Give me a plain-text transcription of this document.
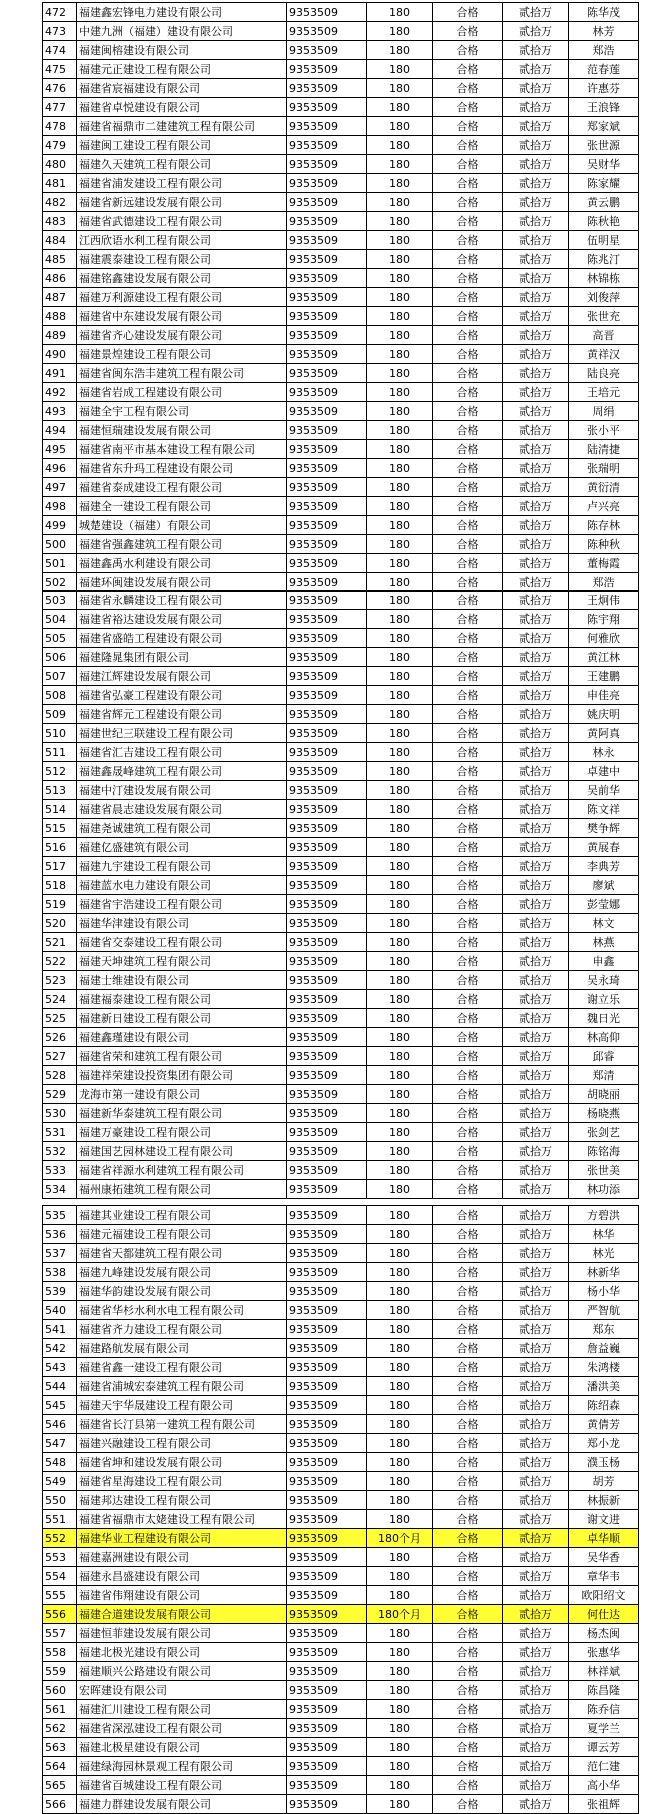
472	福建鑫宏锋电力建设有限公司	9353509	180	合格	贰拾万	陈华茂
473	中建九洲（福建）建设有限公司	9353509	180	合格	贰拾万	林芳
474	福建闽榕建设有限公司	9353509	180	合格	贰拾万	郑浩
475	福建元正建设工程有限公司	9353509	180	合格	贰拾万	范春莲
476	福建省宸福建设有限公司	9353509	180	合格	贰拾万	许惠芬
477	福建省卓悦建设有限公司	9353509	180	合格	贰拾万	王浪锋
478	福建省福鼎市二建建筑工程有限公司	9353509	180	合格	贰拾万	郑家斌
479	福建闽工建设工程有限公司	9353509	180	合格	贰拾万	张世源
480	福建久天建筑工程有限公司	9353509	180	合格	贰拾万	吴财华
481	福建省浦发建设工程有限公司	9353509	180	合格	贰拾万	陈家耀
482	福建省新远建设发展有限公司	9353509	180	合格	贰拾万	黄云鹏
483	福建省武德建设工程有限公司	9353509	180	合格	贰拾万	陈秋艳
484	江西欣语水利工程有限公司	9353509	180	合格	贰拾万	伍明星
485	福建震泰建设工程有限公司	9353509	180	合格	贰拾万	陈兆汀
486	福建铭鑫建设发展有限公司	9353509	180	合格	贰拾万	林锦栋
487	福建万利源建设工程有限公司	9353509	180	合格	贰拾万	刘俊萍
488	福建省中东建设发展有限公司	9353509	180	合格	贰拾万	张世充
489	福建省齐心建设发展有限公司	9353509	180	合格	贰拾万	高晋
490	福建景煌建设工程有限公司	9353509	180	合格	贰拾万	黄祥汉
491	福建省闽东浩丰建筑工程有限公司	9353509	180	合格	贰拾万	陆良亮
492	福建省岩成工程建设有限公司	9353509	180	合格	贰拾万	王培元
493	福建全宇工程有限公司	9353509	180	合格	贰拾万	周绢
494	福建恒瑞建设发展有限公司	9353509	180	合格	贰拾万	张小平
495	福建省南平市基本建设工程有限公司	9353509	180	合格	贰拾万	陆清捷
496	福建省东升玛工程建设有限公司	9353509	180	合格	贰拾万	张瑞明
497	福建省泰成建设工程有限公司	9353509	180	合格	贰拾万	黄衍清
498	福建全一建设工程有限公司	9353509	180	合格	贰拾万	卢兴亮
499	城楚建设（福建）有限公司	9353509	180	合格	贰拾万	陈存林
500	福建省强鑫建筑工程有限公司	9353509	180	合格	贰拾万	陈种秋
501	福建鑫禹水利建设有限公司	9353509	180	合格	贰拾万	董梅霞
502	福建环闽建设发展有限公司	9353509	180	合格	贰拾万	郑浩
503	福建省永麟建设工程有限公司	9353509	180	合格	贰拾万	王炯伟
504	福建省裕达建设发展有限公司	9353509	180	合格	贰拾万	陈宇翔
505	福建省盛皓工程建设有限公司	9353509	180	合格	贰拾万	何雅欣
506	福建隆晁集团有限公司	9353509	180	合格	贰拾万	黄江林
507	福建江辉建设发展有限公司	9353509	180	合格	贰拾万	王建鹏
508	福建省弘豪工程建设有限公司	9353509	180	合格	贰拾万	申佳亮
509	福建省辉元工程建设有限公司	9353509	180	合格	贰拾万	姚庆明
510	福建世纪三联建设工程有限公司	9353509	180	合格	贰拾万	黄阿真
511	福建省汇吉建设工程有限公司	9353509	180	合格	贰拾万	林永
512	福建鑫晟峰建筑工程有限公司	9353509	180	合格	贰拾万	卓建中
513	福建中汀建设发展有限公司	9353509	180	合格	贰拾万	吴前华
514	福建省晨志建设发展有限公司	9353509	180	合格	贰拾万	陈文祥
515	福建尧诚建筑工程有限公司	9353509	180	合格	贰拾万	樊争辉
516	福建亿盛建筑有限公司	9353509	180	合格	贰拾万	黄展春
517	福建九宇建设工程有限公司	9353509	180	合格	贰拾万	李典芳
518	福建蓝水电力建设有限公司	9353509	180	合格	贰拾万	廖斌
519	福建省宇浩建设工程有限公司	9353509	180	合格	贰拾万	彭莹娜
520	福建华津建设有限公司	9353509	180	合格	贰拾万	林文
521	福建省交泰建设工程有限公司	9353509	180	合格	贰拾万	林燕
522	福建天坤建筑工程有限公司	9353509	180	合格	贰拾万	申鑫
523	福建士维建设有限公司	9353509	180	合格	贰拾万	吴永琦
524	福建福泰建设工程有限公司	9353509	180	合格	贰拾万	谢立乐
525	福建新日建设工程有限公司	9353509	180	合格	贰拾万	魏日光
526	福建鑫瑾建设有限公司	9353509	180	合格	贰拾万	林高仰
527	福建省荣和建筑工程有限公司	9353509	180	合格	贰拾万	邱睿
528	福建祥荣建设投资集团有限公司	9353509	180	合格	贰拾万	郑清
529	龙海市第一建设有限公司	9353509	180	合格	贰拾万	胡晓丽
530	福建新华泰建筑工程有限公司	9353509	180	合格	贰拾万	杨晓燕
531	福建万豪建设工程有限公司	9353509	180	合格	贰拾万	张剑艺
532	福建国艺园林建设工程有限公司	9353509	180	合格	贰拾万	陈铭海
533	福建省祥源水利建筑工程有限公司	9353509	180	合格	贰拾万	张世美
534	福州康拓建筑工程有限公司	9353509	180	合格	贰拾万	林功添
535	福建其业建设工程有限公司	9353509	180	合格	贰拾万	方碧洪
536	福建元福建设工程有限公司	9353509	180	合格	贰拾万	林华
537	福建省天都建筑工程有限公司	9353509	180	合格	贰拾万	林光
538	福建九峰建设发展有限公司	9353509	180	合格	贰拾万	林新华
539	福建华韵建设发展有限公司	9353509	180	合格	贰拾万	杨小华
540	福建省华杉水利水电工程有限公司	9353509	180	合格	贰拾万	严智航
541	福建省齐力建设工程有限公司	9353509	180	合格	贰拾万	郑东
542	福建路航发展有限公司	9353509	180	合格	贰拾万	詹益巍
543	福建省鑫一建设工程有限公司	9353509	180	合格	贰拾万	朱鸿楼
544	福建省浦城宏泰建筑工程有限公司	9353509	180	合格	贰拾万	潘洪美
545	福建天宇华晟建设工程有限公司	9353509	180	合格	贰拾万	陈绍森
546	福建省长汀县第一建筑工程有限公司	9353509	180	合格	贰拾万	黄倩芳
547	福建兴融建设工程有限公司	9353509	180	合格	贰拾万	郑小龙
548	福建省坤和建设发展有限公司	9353509	180	合格	贰拾万	濮玉杨
549	福建省星海建设工程有限公司	9353509	180	合格	贰拾万	胡芳
550	福建邦达建设工程有限公司	9353509	180	合格	贰拾万	林振新
551	福建省福鼎市太姥建设工程有限公司	9353509	180	合格	贰拾万	谢文进
552	福建华业工程建设有限公司	9353509	180个月	合格	贰拾万	卓华顺
553	福建嘉洲建设有限公司	9353509	180	合格	贰拾万	吴华香
554	福建永昌盛建设有限公司	9353509	180	合格	贰拾万	章华韦
555	福建省伟翔建设有限公司	9353509	180	合格	贰拾万	欧阳绍文
556	福建合道建设发展有限公司	9353509	180个月	合格	贰拾万	何仕达
557	福建恒菲建设发展有限公司	9353509	180	合格	贰拾万	杨杰闽
558	福建北极光建设有限公司	9353509	180	合格	贰拾万	张惠华
559	福建顺兴公路建设有限公司	9353509	180	合格	贰拾万	林祥斌
560	宏晖建设有限公司	9353509	180	合格	贰拾万	陈昌隆
561	福建汇川建设工程有限公司	9353509	180	合格	贰拾万	陈乔信
562	福建省深泓建设工程有限公司	9353509	180	合格	贰拾万	夏学兰
563	福建北极星建设有限公司	9353509	180	合格	贰拾万	谭云芳
564	福建绿海园林景观工程有限公司	9353509	180	合格	贰拾万	范仁建
565	福建省百城建设工程有限公司	9353509	180	合格	贰拾万	高小华
566	福建力群建设发展有限公司	9353509	180	合格	贰拾万	张祖辉
